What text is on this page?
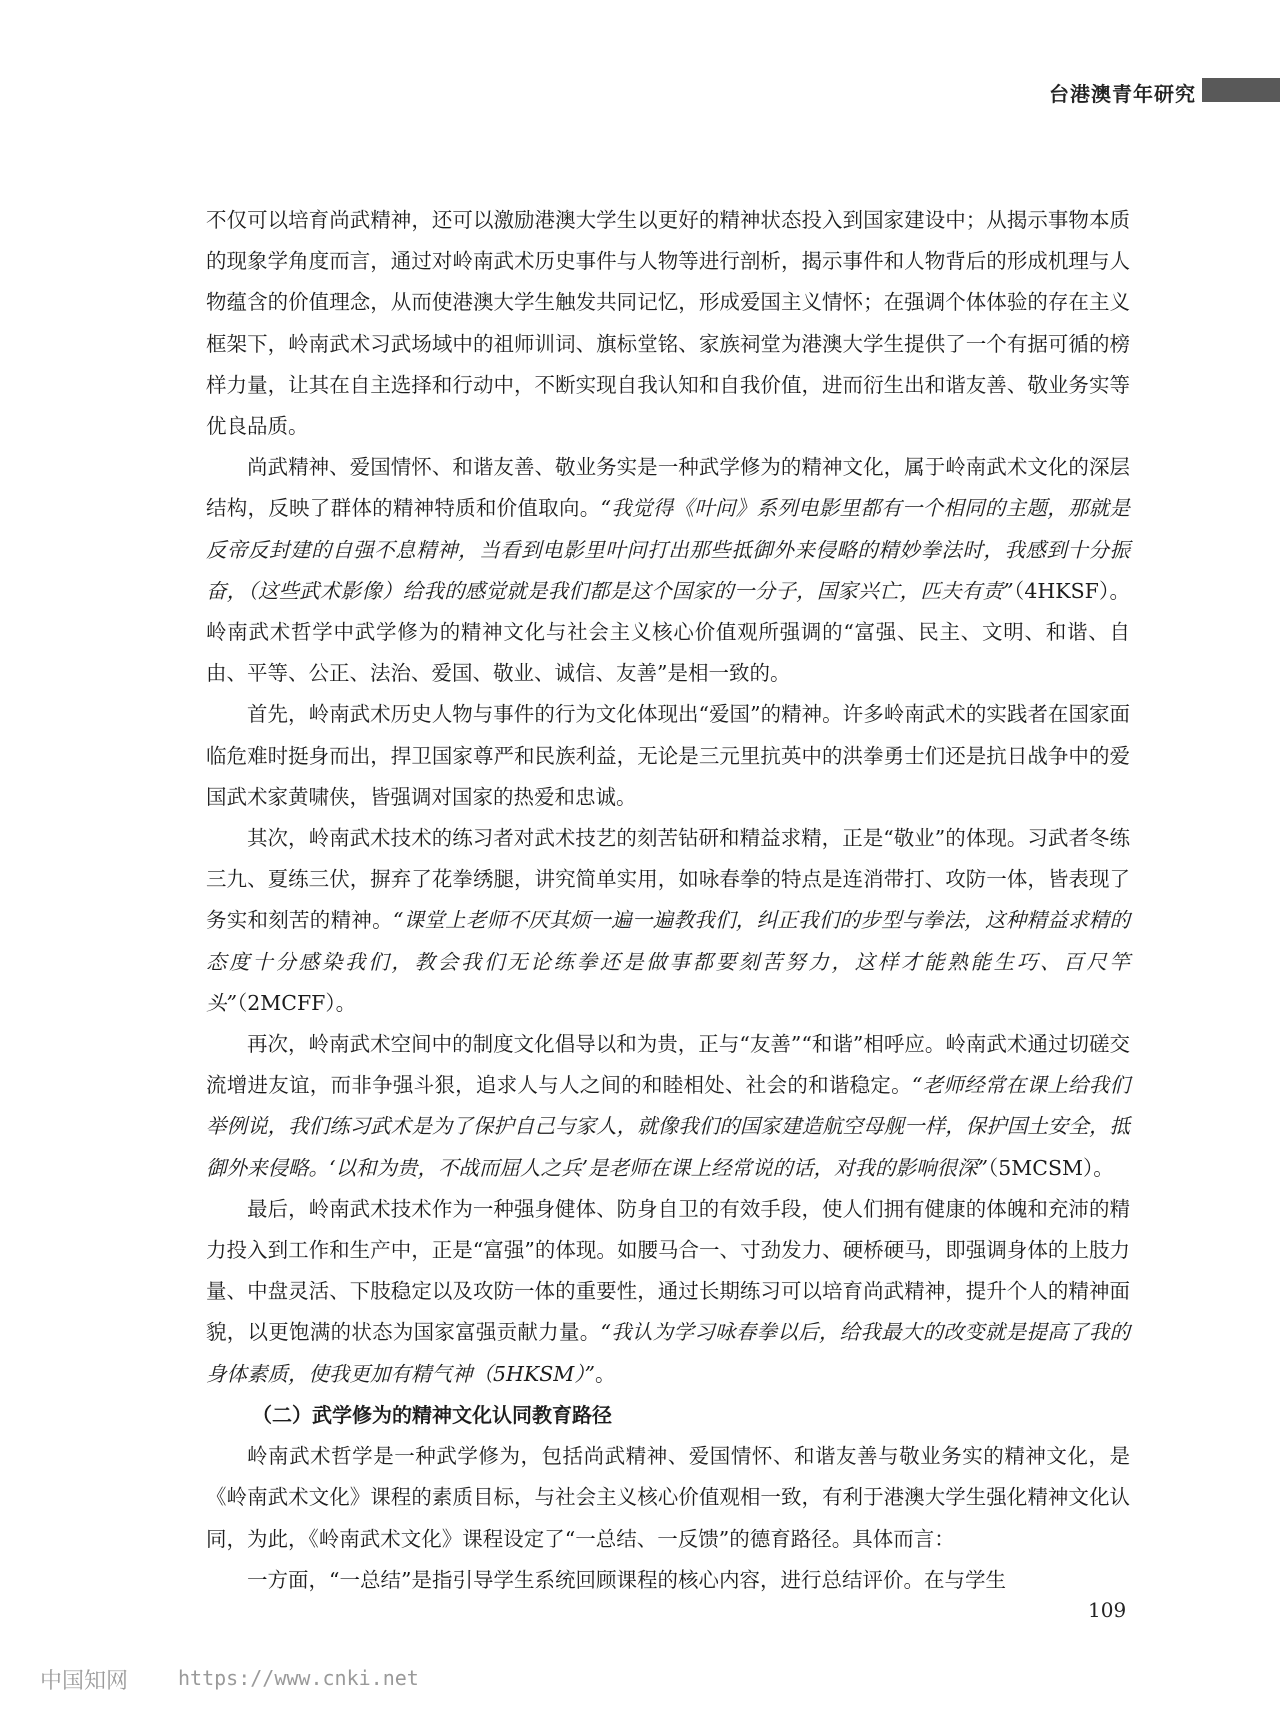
台港澳青年研究

不仅可以培育尚武精神，还可以激励港澳大学生以更好的精神状态投入到国家建设中；从揭示事物本质的现象学角度而言，通过对岭南武术历史事件与人物等进行剖析，揭示事件和人物背后的形成机理与人物蕴含的价值理念，从而使港澳大学生触发共同记忆，形成爱国主义情怀；在强调个体体验的存在主义框架下，岭南武术习武场域中的祖师训词、旗标堂铭、家族祠堂为港澳大学生提供了一个有据可循的榜样力量，让其在自主选择和行动中，不断实现自我认知和自我价值，进而衍生出和谐友善、敬业务实等优良品质。

尚武精神、爱国情怀、和谐友善、敬业务实是一种武学修为的精神文化，属于岭南武术文化的深层结构，反映了群体的精神特质和价值取向。“我觉得《叶问》系列电影里都有一个相同的主题，那就是反帝反封建的自强不息精神，当看到电影里叶问打出那些抵御外来侵略的精妙拳法时，我感到十分振奋，（这些武术影像）给我的感觉就是我们都是这个国家的一分子，国家兴亡，匹夫有责”（4HKSF）。岭南武术哲学中武学修为的精神文化与社会主义核心价值观所强调的“富强、民主、文明、和谐、自由、平等、公正、法治、爱国、敬业、诚信、友善”是相一致的。

首先，岭南武术历史人物与事件的行为文化体现出“爱国”的精神。许多岭南武术的实践者在国家面临危难时挺身而出，捍卫国家尊严和民族利益，无论是三元里抗英中的洪拳勇士们还是抗日战争中的爱国武术家黄啸侠，皆强调对国家的热爱和忠诚。

其次，岭南武术技术的练习者对武术技艺的刻苦钻研和精益求精，正是“敬业”的体现。习武者冬练三九、夏练三伏，摒弃了花拳绣腿，讲究简单实用，如咏春拳的特点是连消带打、攻防一体，皆表现了务实和刻苦的精神。“课堂上老师不厌其烦一遍一遍教我们，纠正我们的步型与拳法，这种精益求精的态度十分感染我们，教会我们无论练拳还是做事都要刻苦努力，这样才能熟能生巧、百尺竿头”（2MCFF）。

再次，岭南武术空间中的制度文化倡导以和为贵，正与“友善”“和谐”相呼应。岭南武术通过切磋交流增进友谊，而非争强斗狠，追求人与人之间的和睦相处、社会的和谐稳定。“老师经常在课上给我们举例说，我们练习武术是为了保护自己与家人，就像我们的国家建造航空母舰一样，保护国土安全，抵御外来侵略。‘以和为贵，不战而屈人之兵’是老师在课上经常说的话，对我的影响很深”（5MCSM）。

最后，岭南武术技术作为一种强身健体、防身自卫的有效手段，使人们拥有健康的体魄和充沛的精力投入到工作和生产中，正是“富强”的体现。如腰马合一、寸劲发力、硬桥硬马，即强调身体的上肢力量、中盘灵活、下肢稳定以及攻防一体的重要性，通过长期练习可以培育尚武精神，提升个人的精神面貌，以更饱满的状态为国家富强贡献力量。“我认为学习咏春拳以后，给我最大的改变就是提高了我的身体素质，使我更加有精气神（5HKSM）”。

（二）武学修为的精神文化认同教育路径

岭南武术哲学是一种武学修为，包括尚武精神、爱国情怀、和谐友善与敬业务实的精神文化，是《岭南武术文化》课程的素质目标，与社会主义核心价值观相一致，有利于港澳大学生强化精神文化认同，为此，《岭南武术文化》课程设定了“一总结、一反馈”的德育路径。具体而言：

一方面，“一总结”是指引导学生系统回顾课程的核心内容，进行总结评价。在与学生

109
中国知网 https://www.cnki.net
